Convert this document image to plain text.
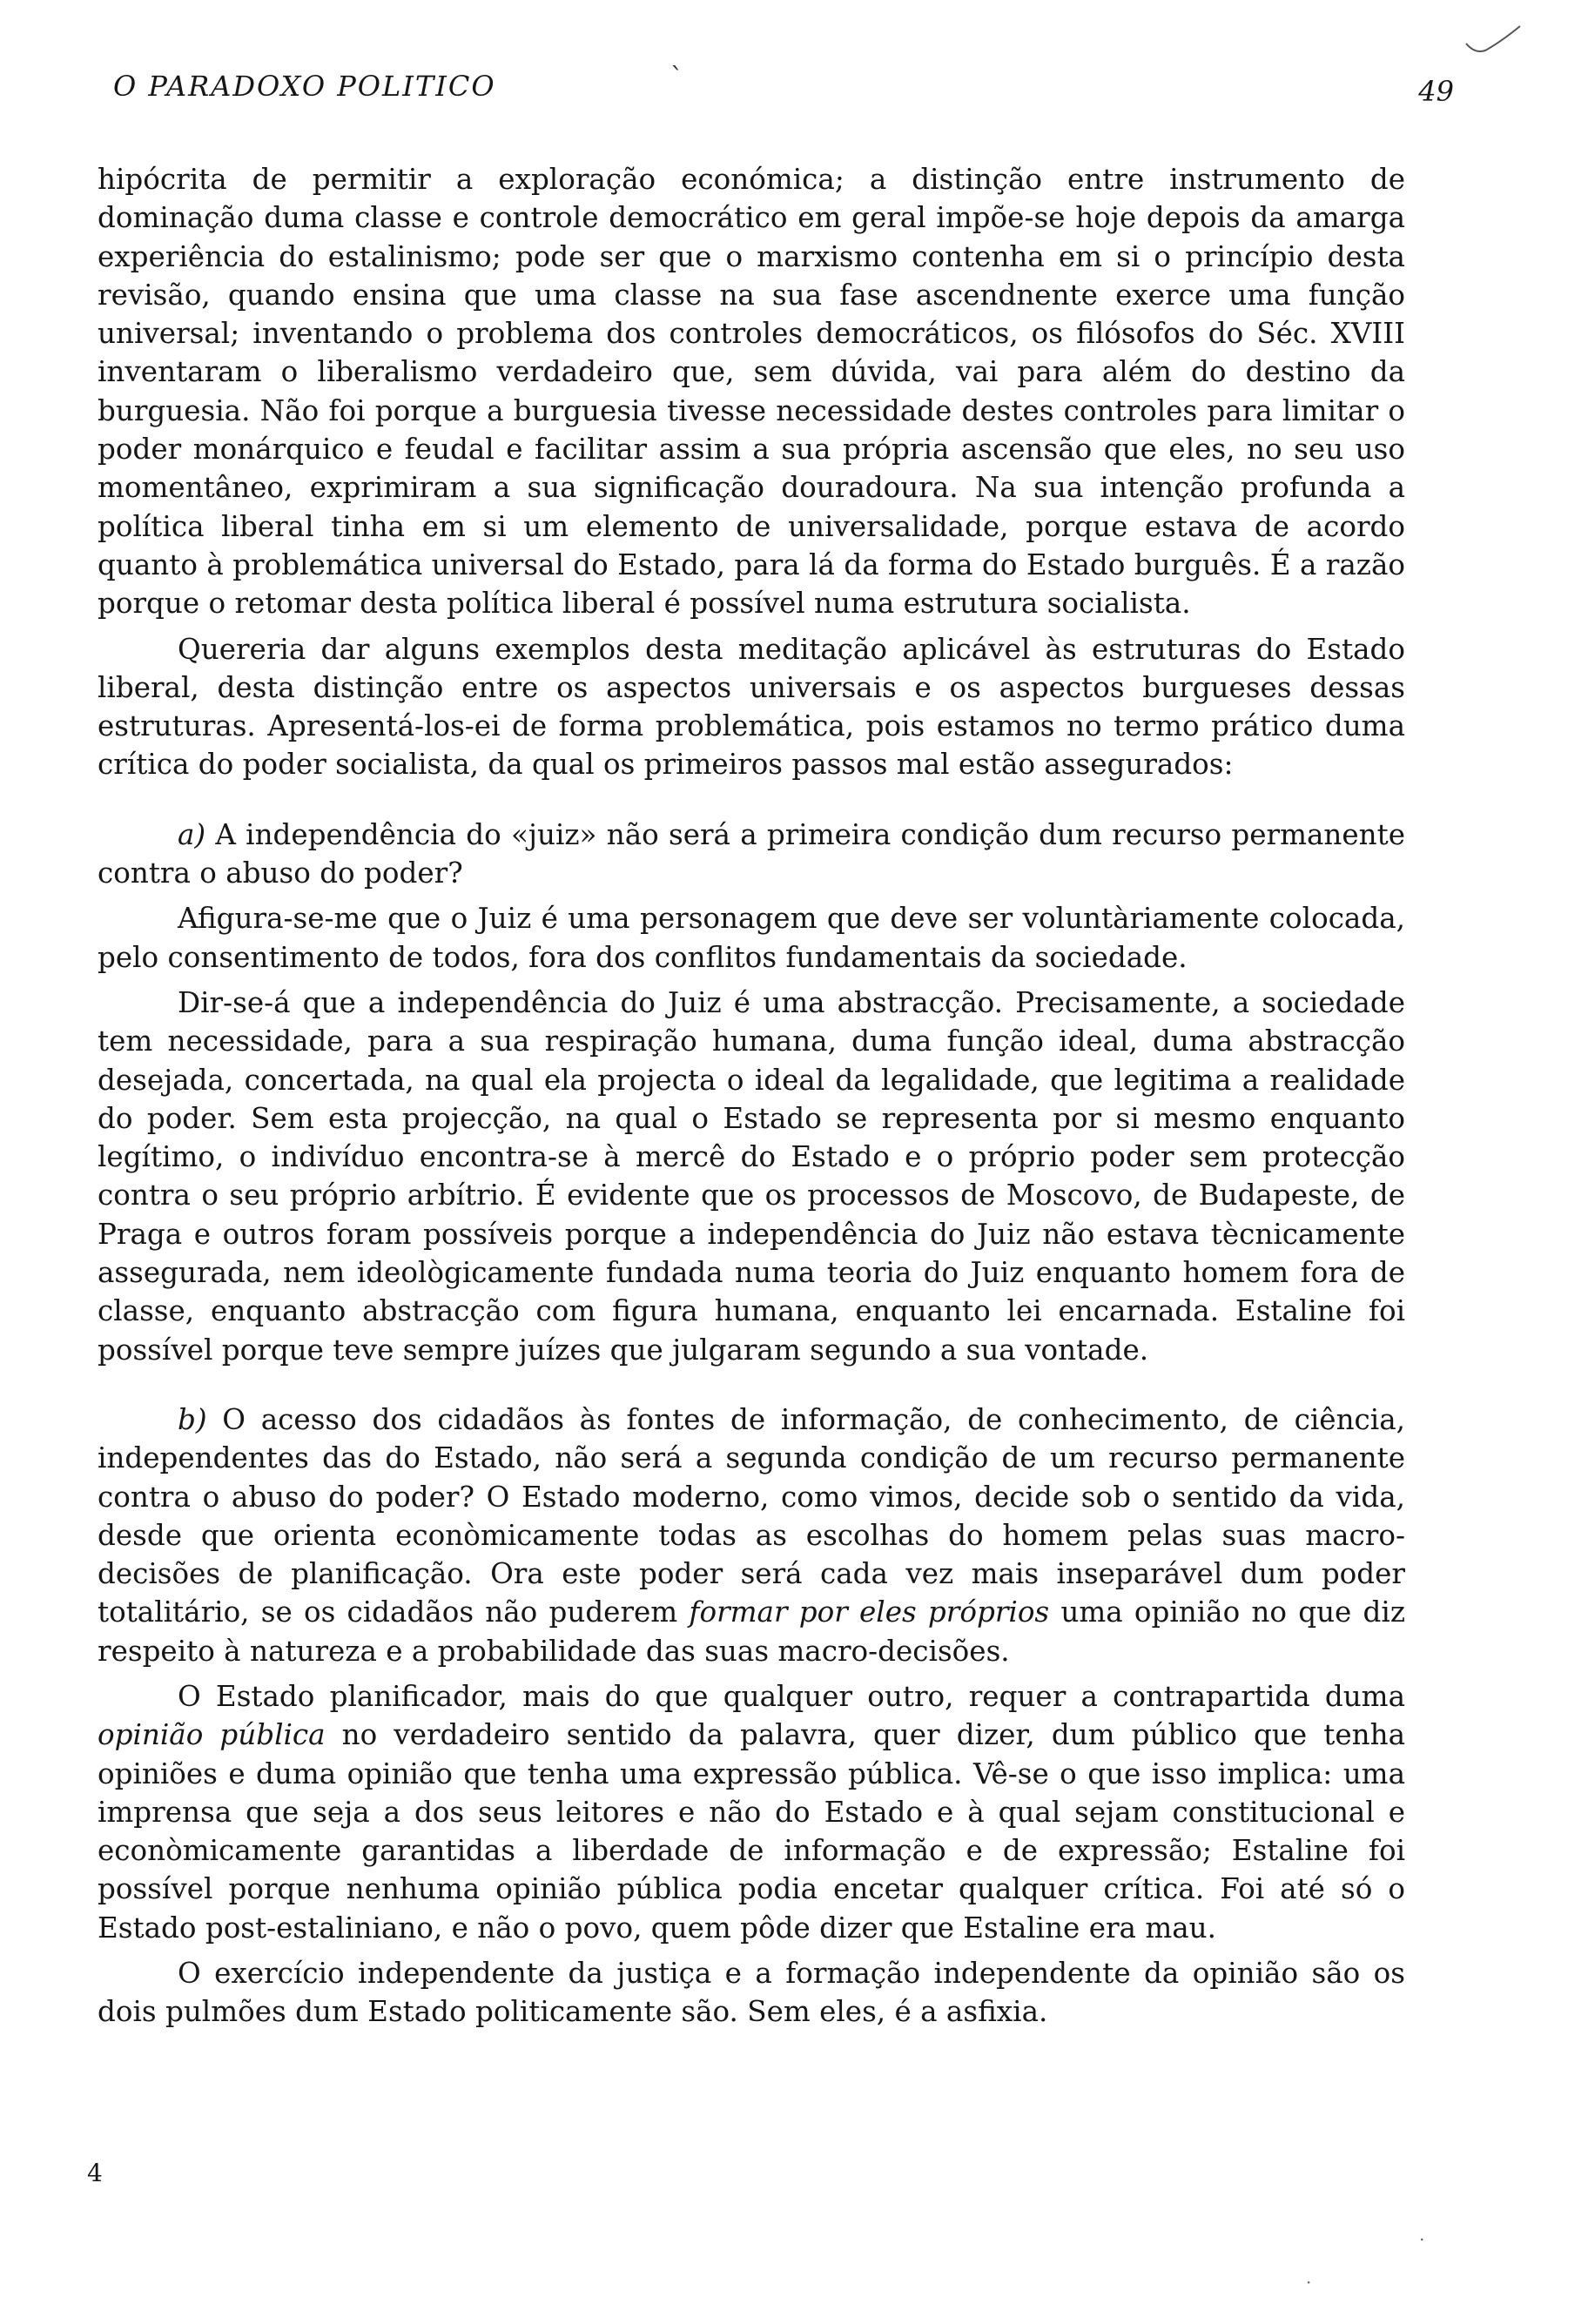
O PARADOXO POLITICO	`	49

hipócrita de permitir a exploração económica; a distinção entre instrumento de dominação duma classe e controle democrático em geral impõe-se hoje depois da amarga experiência do estalinismo; pode ser que o marxismo contenha em si o princípio desta revisão, quando ensina que uma classe na sua fase ascendnente exerce uma função universal; inventando o problema dos controles democráticos, os filósofos do Séc. XVIII inventaram o liberalismo verdadeiro que, sem dúvida, vai para além do destino da burguesia. Não foi porque a burguesia tivesse necessidade destes controles para limitar o poder monárquico e feudal e facilitar assim a sua própria ascensão que eles, no seu uso momentâneo, exprimiram a sua significação douradoura. Na sua intenção profunda a política liberal tinha em si um elemento de universalidade, porque estava de acordo quanto à problemática universal do Estado, para lá da forma do Estado burguês. É a razão porque o retomar desta política liberal é possível numa estrutura socialista.

Quereria dar alguns exemplos desta meditação aplicável às estruturas do Estado liberal, desta distinção entre os aspectos universais e os aspectos burgueses dessas estruturas. Apresentá-los-ei de forma problemática, pois estamos no termo prático duma crítica do poder socialista, da qual os primeiros passos mal estão assegurados:

a) A independência do «juiz» não será a primeira condição dum recurso permanente contra o abuso do poder?

Afigura-se-me que o Juiz é uma personagem que deve ser voluntàriamente colocada, pelo consentimento de todos, fora dos conflitos fundamentais da sociedade.

Dir-se-á que a independência do Juiz é uma abstracção. Precisamente, a sociedade tem necessidade, para a sua respiração humana, duma função ideal, duma abstracção desejada, concertada, na qual ela projecta o ideal da legalidade, que legitima a realidade do poder. Sem esta projecção, na qual o Estado se representa por si mesmo enquanto legítimo, o indivíduo encontra-se à mercê do Estado e o próprio poder sem protecção contra o seu próprio arbítrio. É evidente que os processos de Moscovo, de Budapeste, de Praga e outros foram possíveis porque a independência do Juiz não estava tècnicamente assegurada, nem ideològicamente fundada numa teoria do Juiz enquanto homem fora de classe, enquanto abstracção com figura humana, enquanto lei encarnada. Estaline foi possível porque teve sempre juízes que julgaram segundo a sua vontade.

b) O acesso dos cidadãos às fontes de informação, de conhecimento, de ciência, independentes das do Estado, não será a segunda condição de um recurso permanente contra o abuso do poder? O Estado moderno, como vimos, decide sob o sentido da vida, desde que orienta econòmicamente todas as escolhas do homem pelas suas macro-decisões de planificação. Ora este poder será cada vez mais inseparável dum poder totalitário, se os cidadãos não puderem formar por eles próprios uma opinião no que diz respeito à natureza e a probabilidade das suas macro-decisões.

O Estado planificador, mais do que qualquer outro, requer a contrapartida duma opinião pública no verdadeiro sentido da palavra, quer dizer, dum público que tenha opiniões e duma opinião que tenha uma expressão pública. Vê-se o que isso implica: uma imprensa que seja a dos seus leitores e não do Estado e à qual sejam constitucional e econòmicamente garantidas a liberdade de informação e de expressão; Estaline foi possível porque nenhuma opinião pública podia encetar qualquer crítica. Foi até só o Estado post-estaliniano, e não o povo, quem pôde dizer que Estaline era mau.

O exercício independente da justiça e a formação independente da opinião são os dois pulmões dum Estado politicamente são. Sem eles, é a asfixia.

4
.
·
